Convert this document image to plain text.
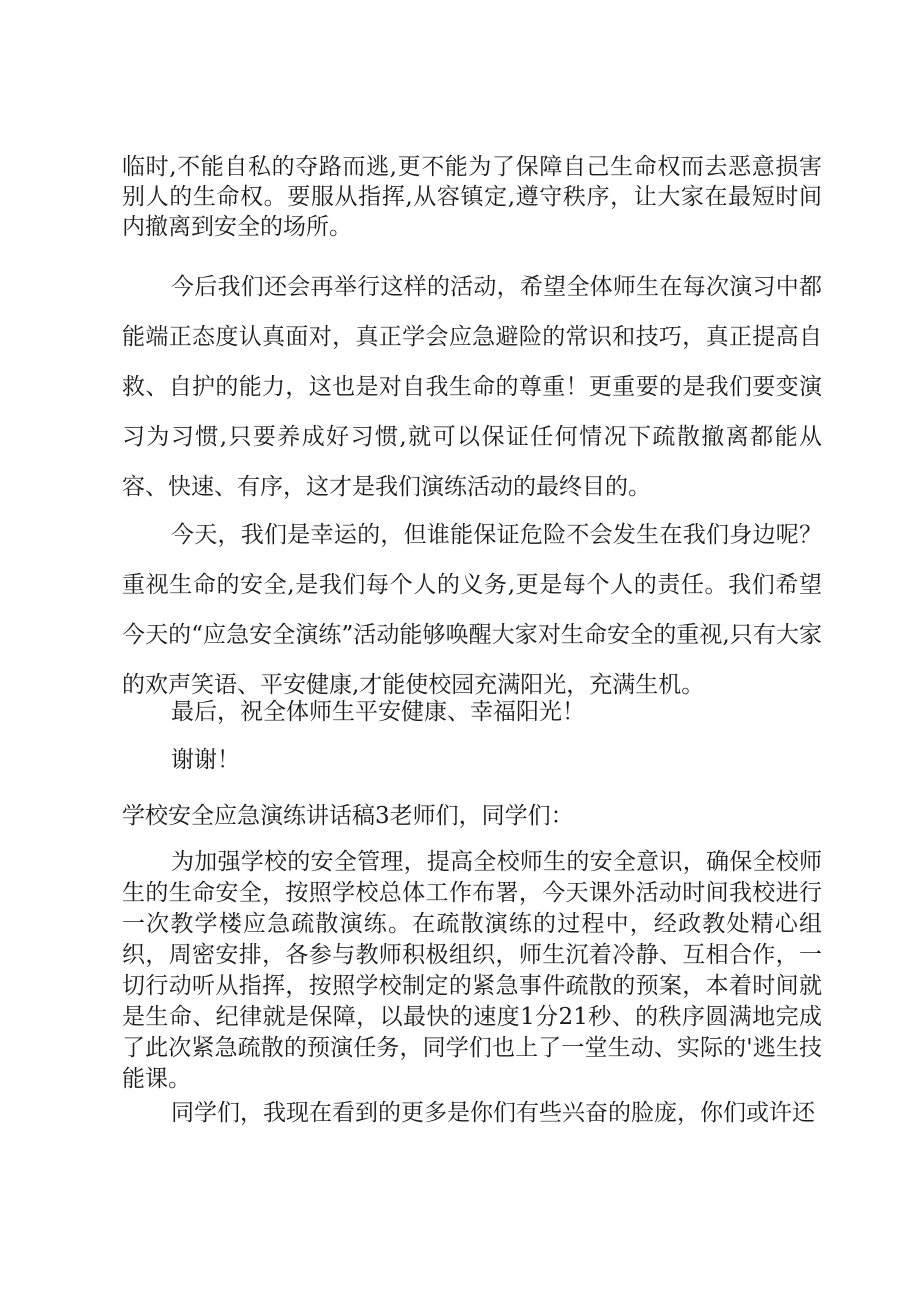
临时,不能自私的夺路而逃,更不能为了保障自己生命权而去恶意损害别人的生命权。要服从指挥,从容镇定,遵守秩序，让大家在最短时间内撤离到安全的场所。

今后我们还会再举行这样的活动，希望全体师生在每次演习中都能端正态度认真面对，真正学会应急避险的常识和技巧，真正提高自救、自护的能力，这也是对自我生命的尊重！更重要的是我们要变演习为习惯,只要养成好习惯,就可以保证任何情况下疏散撤离都能从容、快速、有序，这才是我们演练活动的最终目的。

今天，我们是幸运的，但谁能保证危险不会发生在我们身边呢？重视生命的安全,是我们每个人的义务,更是每个人的责任。我们希望今天的“应急安全演练”活动能够唤醒大家对生命安全的重视,只有大家的欢声笑语、平安健康,才能使校园充满阳光，充满生机。

最后，祝全体师生平安健康、幸福阳光！

谢谢！

学校安全应急演练讲话稿3老师们，同学们：

为加强学校的安全管理，提高全校师生的安全意识，确保全校师生的生命安全，按照学校总体工作布署，今天课外活动时间我校进行一次教学楼应急疏散演练。在疏散演练的过程中，经政教处精心组织，周密安排，各参与教师积极组织，师生沉着冷静、互相合作，一切行动听从指挥，按照学校制定的紧急事件疏散的预案，本着时间就是生命、纪律就是保障，以最快的速度1分21秒、的秩序圆满地完成了此次紧急疏散的预演任务，同学们也上了一堂生动、实际的'逃生技能课。

同学们，我现在看到的更多是你们有些兴奋的脸庞，你们或许还
